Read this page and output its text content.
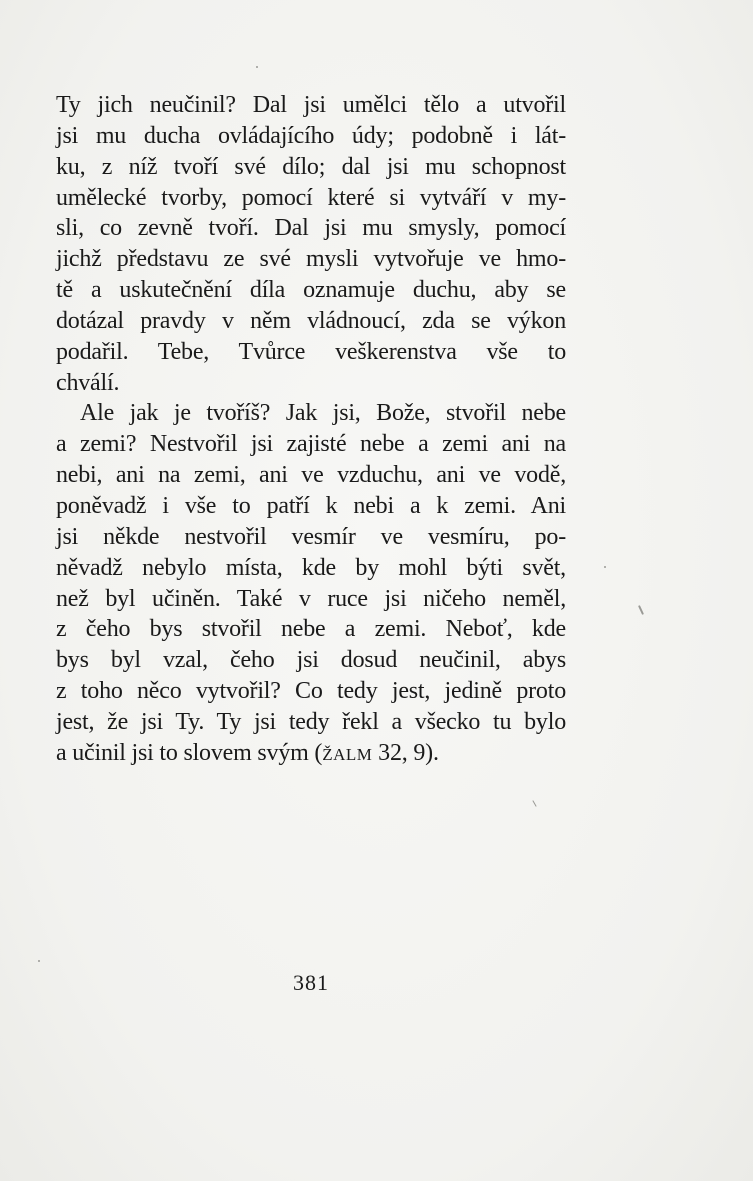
Ty jich neučinil? Dal jsi umělci tělo a utvořil
jsi mu ducha ovládajícího údy; podobně i lát-
ku, z níž tvoří své dílo; dal jsi mu schopnost
umělecké tvorby, pomocí které si vytváří v my-
sli, co zevně tvoří. Dal jsi mu smysly, pomocí
jichž představu ze své mysli vytvořuje ve hmo-
tě a uskutečnění díla oznamuje duchu, aby se
dotázal pravdy v něm vládnoucí, zda se výkon
podařil. Tebe, Tvůrce veškerenstva vše to
chválí.
Ale jak je tvoříš? Jak jsi, Bože, stvořil nebe
a zemi? Nestvořil jsi zajisté nebe a zemi ani na
nebi, ani na zemi, ani ve vzduchu, ani ve vodě,
poněvadž i vše to patří k nebi a k zemi. Ani
jsi někde nestvořil vesmír ve vesmíru, po-
něvadž nebylo místa, kde by mohl býti svět,
než byl učiněn. Také v ruce jsi ničeho neměl,
z čeho bys stvořil nebe a zemi. Neboť, kde
bys byl vzal, čeho jsi dosud neučinil, abys
z toho něco vytvořil? Co tedy jest, jedině proto
jest, že jsi Ty. Ty jsi tedy řekl a všecko tu bylo
a učinil jsi to slovem svým (ŽALM 32, 9).
381
